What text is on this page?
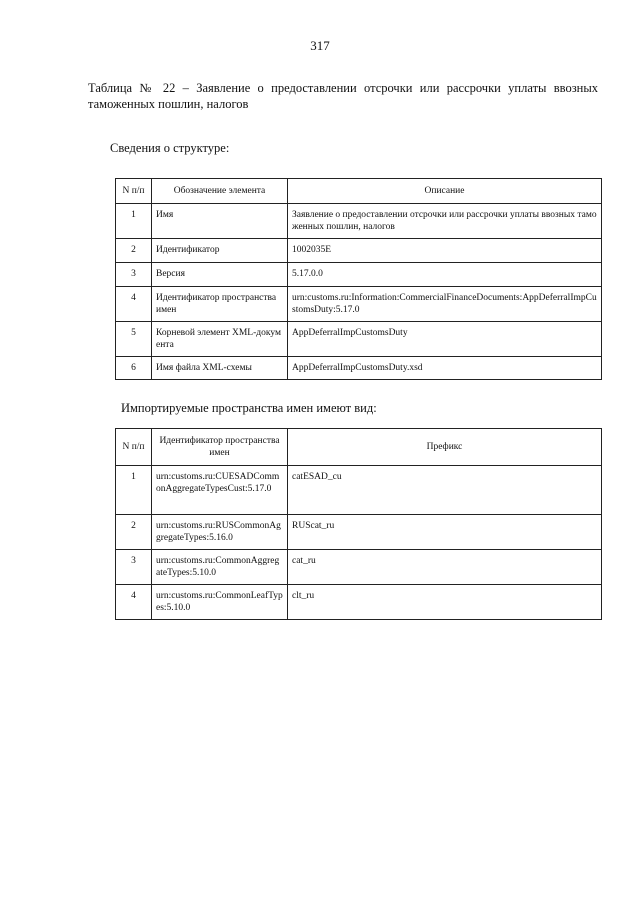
317
Таблица № 22 – Заявление о предоставлении отсрочки или рассрочки уплаты ввозных таможенных пошлин, налогов
Сведения о структуре:
N п/п	Обозначение элемента	Описание
1	Имя	Заявление о предоставлении отсрочки или рассрочки уплаты ввозных таможенных пошлин, налогов
2	Идентификатор	1002035E
3	Версия	5.17.0.0
4	Идентификатор пространства имен	urn:customs.ru:Information:CommercialFinanceDocuments:AppDeferralImpCustomsDuty:5.17.0
5	Корневой элемент XML-документа	AppDeferralImpCustomsDuty
6	Имя файла XML-схемы	AppDeferralImpCustomsDuty.xsd
Импортируемые пространства имен имеют вид:
N п/п	Идентификатор пространства имен	Префикс
1	urn:customs.ru:CUESADCommonAggregateTypesCust:5.17.0	catESAD_cu
2	urn:customs.ru:RUSCommonAggregateTypes:5.16.0	RUScat_ru
3	urn:customs.ru:CommonAggregateTypes:5.10.0	cat_ru
4	urn:customs.ru:CommonLeafTypes:5.10.0	clt_ru
